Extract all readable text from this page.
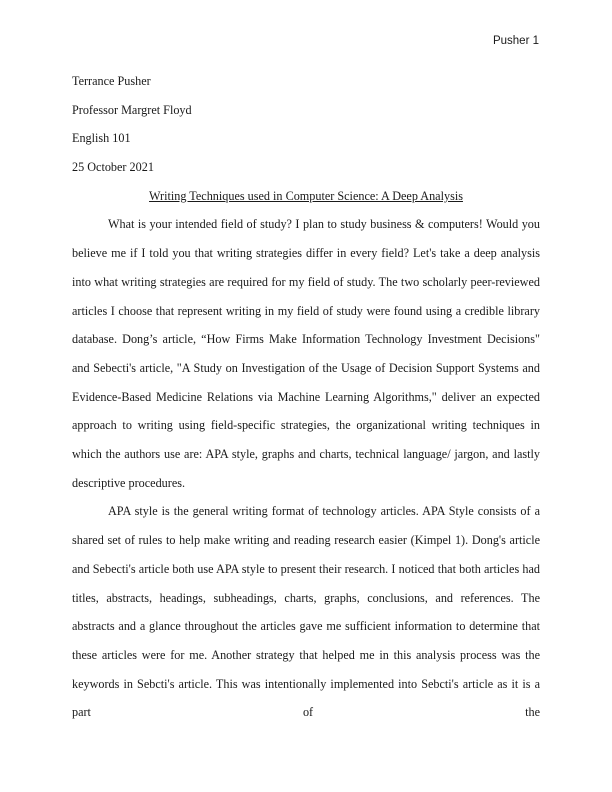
Pusher 1
Terrance Pusher
Professor Margret Floyd
English 101
25 October 2021
Writing Techniques used in Computer Science: A Deep Analysis

What is your intended field of study? I plan to study business & computers! Would you believe me if I told you that writing strategies differ in every field? Let's take a deep analysis into what writing strategies are required for my field of study. The two scholarly peer-reviewed articles I choose that represent writing in my field of study were found using a credible library database. Dong’s article, “How Firms Make Information Technology Investment Decisions" and Sebecti's article, "A Study on Investigation of the Usage of Decision Support Systems and Evidence-Based Medicine Relations via Machine Learning Algorithms," deliver an expected approach to writing using field-specific strategies, the organizational writing techniques in which the authors use are: APA style, graphs and charts, technical language/ jargon, and lastly
descriptive procedures.

APA style is the general writing format of technology articles. APA Style consists of a shared set of rules to help make writing and reading research easier (Kimpel 1). Dong's article and Sebecti's article both use APA style to present their research. I noticed that both articles had titles, abstracts, headings, subheadings, charts, graphs, conclusions, and references. The abstracts and a glance throughout the articles gave me sufficient information to determine that these articles were for me. Another strategy that helped me in this analysis process was the keywords in Sebcti's article. This was intentionally implemented into Sebcti's article as it is a part of the
